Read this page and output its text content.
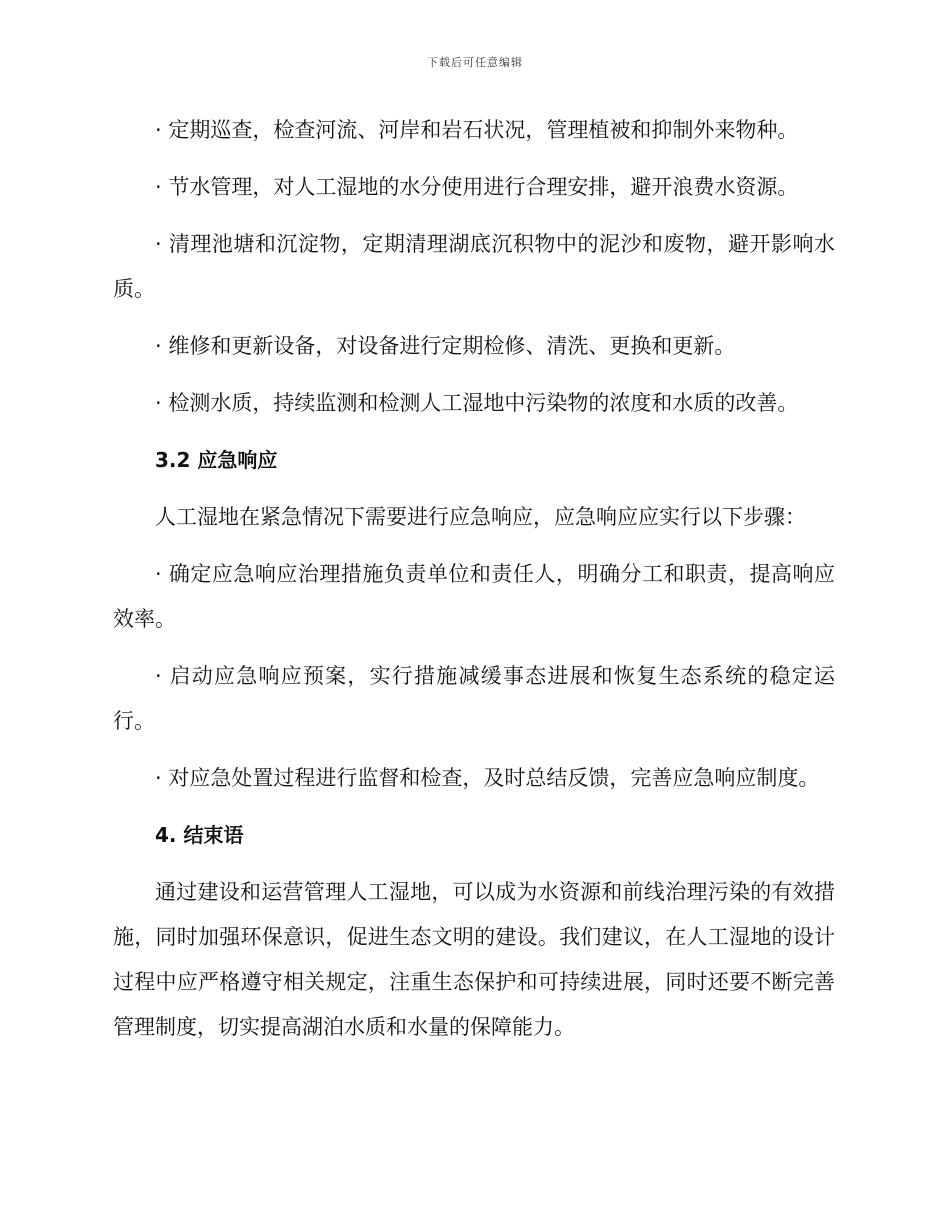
下载后可任意编辑

· 定期巡查，检查河流、河岸和岩石状况，管理植被和抑制外来物种。

· 节水管理，对人工湿地的水分使用进行合理安排，避开浪费水资源。

· 清理池塘和沉淀物，定期清理湖底沉积物中的泥沙和废物，避开影响水质。

· 维修和更新设备，对设备进行定期检修、清洗、更换和更新。

· 检测水质，持续监测和检测人工湿地中污染物的浓度和水质的改善。

3.2 应急响应

人工湿地在紧急情况下需要进行应急响应，应急响应应实行以下步骤：

· 确定应急响应治理措施负责单位和责任人，明确分工和职责，提高响应效率。

· 启动应急响应预案，实行措施减缓事态进展和恢复生态系统的稳定运行。

· 对应急处置过程进行监督和检查，及时总结反馈，完善应急响应制度。

4. 结束语

通过建设和运营管理人工湿地，可以成为水资源和前线治理污染的有效措施，同时加强环保意识，促进生态文明的建设。我们建议，在人工湿地的设计过程中应严格遵守相关规定，注重生态保护和可持续进展，同时还要不断完善管理制度，切实提高湖泊水质和水量的保障能力。
